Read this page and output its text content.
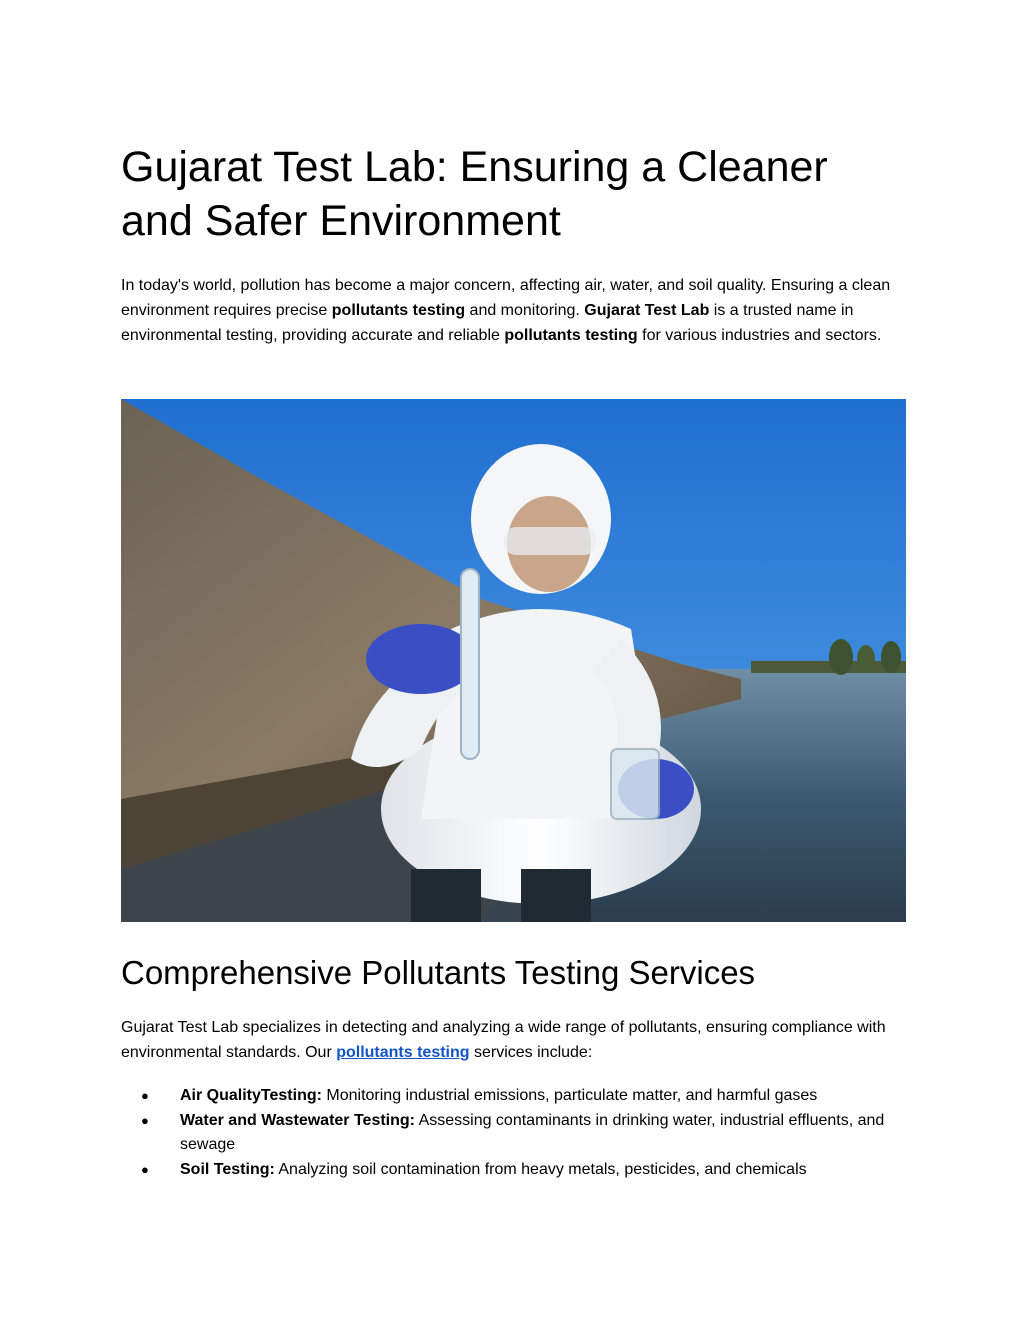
Gujarat Test Lab: Ensuring a Cleaner and Safer Environment

In today's world, pollution has become a major concern, affecting air, water, and soil quality. Ensuring a clean environment requires precise pollutants testing and monitoring. Gujarat Test Lab is a trusted name in environmental testing, providing accurate and reliable pollutants testing for various industries and sectors.

Comprehensive Pollutants Testing Services

Gujarat Test Lab specializes in detecting and analyzing a wide range of pollutants, ensuring compliance with environmental standards. Our pollutants testing services include:

● Air QualityTesting: Monitoring industrial emissions, particulate matter, and harmful gases
● Water and Wastewater Testing: Assessing contaminants in drinking water, industrial effluents, and sewage
● Soil Testing: Analyzing soil contamination from heavy metals, pesticides, and chemicals
